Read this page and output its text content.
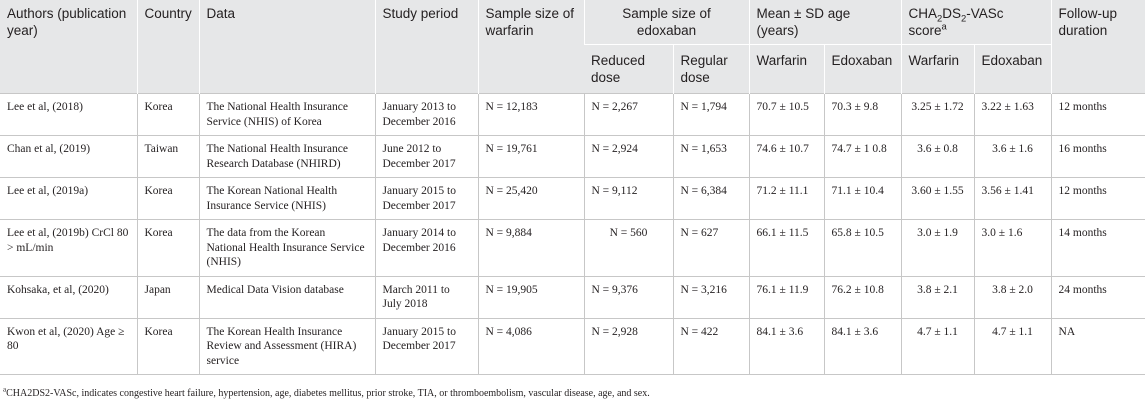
Authors (publication year)	Country	Data	Study period	Sample size of warfarin	Sample size of edoxaban		Mean ± SD age (years)		$CHA_2DS_2$-VASc score$^a$		Follow-up duration
					Reduced dose	Regular dose	Warfarin	Edoxaban	Warfarin	Edoxaban	
Lee et al, (2018)	Korea	The National Health Insurance Service (NHIS) of Korea	January 2013 to December 2016	N = 12,183	N = 2,267	N = 1,794	70.7 ± 10.5	70.3 ± 9.8	3.25 ± 1.72	3.22 ± 1.63	12 months
Chan et al, (2019)	Taiwan	The National Health Insurance Research Database (NHIRD)	June 2012 to December 2017	N = 19,761	N = 2,924	N = 1,653	74.6 ± 10.7	74.7 ± 1 0.8	3.6 ± 0.8	3.6 ± 1.6	16 months
Lee et al, (2019a)	Korea	The Korean National Health Insurance Service (NHIS)	January 2015 to December 2017	N = 25,420	N = 9,112	N = 6,384	71.2 ± 11.1	71.1 ± 10.4	3.60 ± 1.55	3.56 ± 1.41	12 months
Lee et al, (2019b) CrCl 80 > mL/min	Korea	The data from the Korean National Health Insurance Service (NHIS)	January 2014 to December 2016	N = 9,884	N = 560	N = 627	66.1 ± 11.5	65.8 ± 10.5	3.0 ± 1.9	3.0 ± 1.6	14 months
Kohsaka, et al, (2020)	Japan	Medical Data Vision database	March 2011 to July 2018	N = 19,905	N = 9,376	N = 3,216	76.1 ± 11.9	76.2 ± 10.8	3.8 ± 2.1	3.8 ± 2.0	24 months
Kwon et al, (2020) Age ≥ 80	Korea	The Korean Health Insurance Review and Assessment (HIRA) service	January 2015 to December 2017	N = 4,086	N = 2,928	N = 422	84.1 ± 3.6	84.1 ± 3.6	4.7 ± 1.1	4.7 ± 1.1	NA
$^a$CHA2DS2-VASc, indicates congestive heart failure, hypertension, age, diabetes mellitus, prior stroke, TIA, or thromboembolism, vascular disease, age, and sex.
